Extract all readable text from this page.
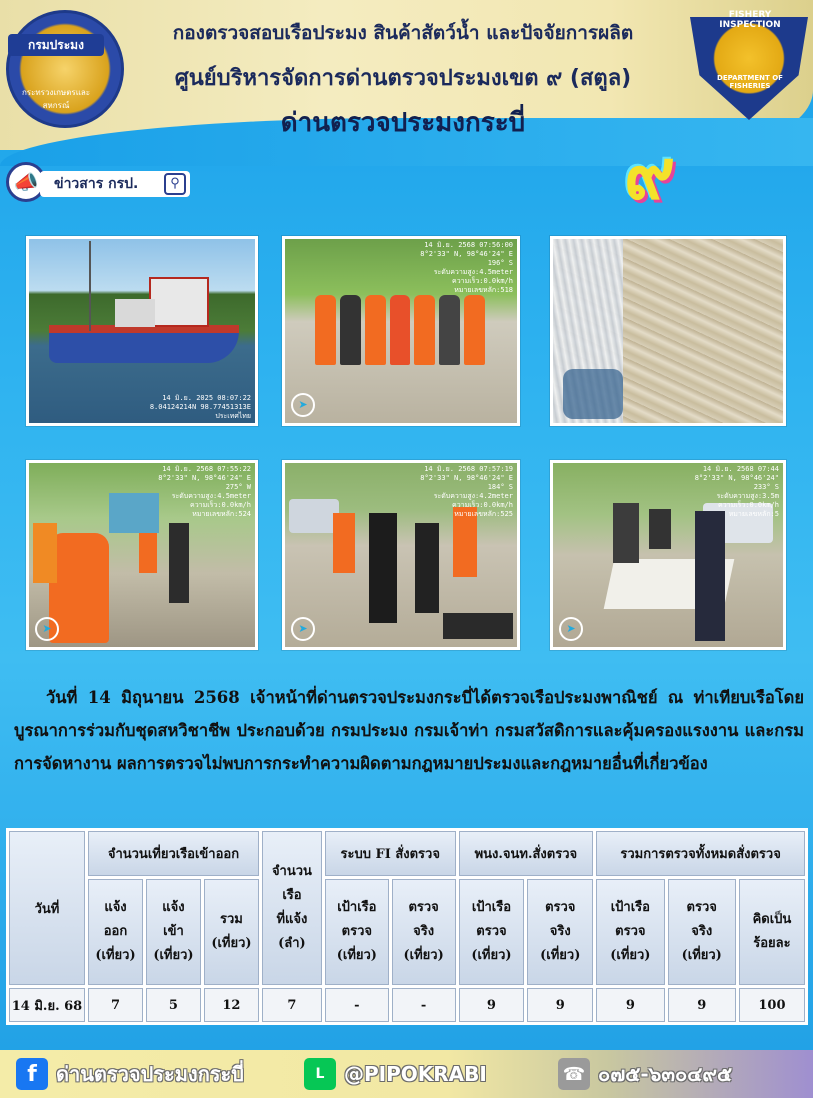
กรมประมง
กระทรวงเกษตรและสหกรณ์
FISHERY INSPECTION
DEPARTMENT OF FISHERIES
กองตรวจสอบเรือประมง สินค้าสัตว์น้ำ และปัจจัยการผลิต
ศูนย์บริหารจัดการด่านตรวจประมงเขต ๙ (สตูล)
ด่านตรวจประมงกระบี่
๙
📣	ข่าวสาร กรป.	⚲
14 มิ.ย. 2025 08:07:22
8.04124214N 98.77451313E
ประเทศไทย
14 มิ.ย. 2568 07:56:00
8°2'33" N, 98°46'24" E
196° S
ระดับความสูง:4.5meter
ความเร็ว:0.0km/h
หมายเลขหลัก:518
➤
14 มิ.ย. 2568 07:55:22
8°2'33" N, 98°46'24" E
275° W
ระดับความสูง:4.5meter
ความเร็ว:0.0km/h
หมายเลขหลัก:524
➤
14 มิ.ย. 2568 07:57:19
8°2'33" N, 98°46'24" E
184° S
ระดับความสูง:4.2meter
ความเร็ว:0.0km/h
หมายเลขหลัก:525
➤
14 มิ.ย. 2568 07:44
8°2'33" N, 98°46'24"
233° S
ระดับความสูง:3.5m
ความเร็ว:0.0km/h
หมายเลขหลัก:5
➤
วันที่ 14 มิถุนายน 2568 เจ้าหน้าที่ด่านตรวจประมงกระบี่ได้ตรวจเรือประมงพาณิชย์ ณ ท่าเทียบเรือโดยบูรณาการร่วมกับชุดสหวิชาชีพ ประกอบด้วย กรมประมง กรมเจ้าท่า กรมสวัสดิการและคุ้มครองแรงงาน และกรมการจัดหางาน ผลการตรวจไม่พบการกระทำความผิดตามกฎหมายประมงและกฎหมายอื่นที่เกี่ยวข้อง
วันที่	จำนวนเที่ยวเรือเข้าออก			จำนวน
เรือ
ที่แจ้ง
(ลำ)	ระบบ FI สั่งตรวจ		พนง.จนท.สั่งตรวจ		รวมการตรวจทั้งหมดสั่งตรวจ		
	แจ้ง
ออก
(เที่ยว)	แจ้ง
เข้า
(เที่ยว)	รวม
(เที่ยว)		เป้าเรือ
ตรวจ
(เที่ยว)	ตรวจ
จริง
(เที่ยว)	เป้าเรือ
ตรวจ
(เที่ยว)	ตรวจ
จริง
(เที่ยว)	เป้าเรือ
ตรวจ
(เที่ยว)	ตรวจ
จริง
(เที่ยว)	คิดเป็น
ร้อยละ
14 มิ.ย. 68	7	5	12	7	-	-	9	9	9	9	100
f ด่านตรวจประมงกระบี่	L @PIPOKRABI	☎ ๐๗๕-๖๓๐๔๙๕
